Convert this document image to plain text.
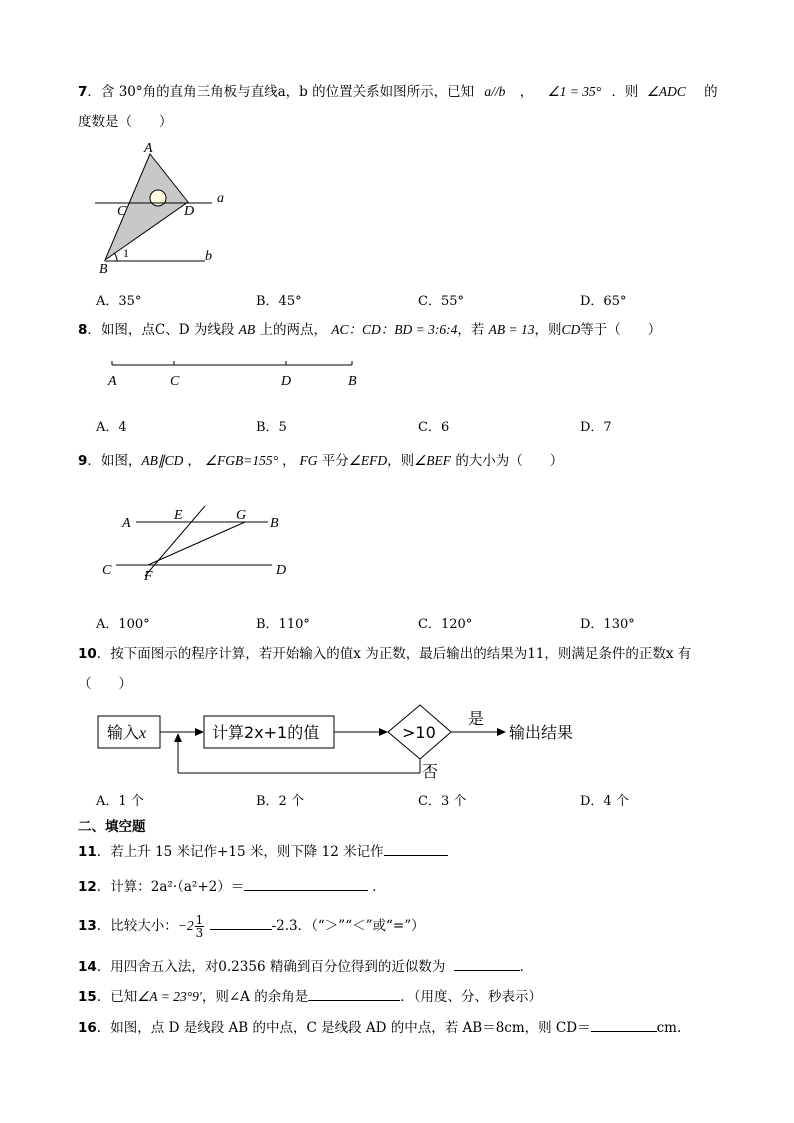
7．含 30°角的直角三角板与直线a，b 的位置关系如图所示，已知 a//b ， ∠1 = 35° ．则 ∠ADC 的
度数是（　　）
A
C	D
a
b
B
1
A．35°	B．45°	C．55°	D．65°
8．如图，点C、D 为线段 AB 上的两点， AC：CD：BD = 3:6:4，若 AB = 13，则CD等于（　　）
A	C	D	B
A．4	B．5	C．6	D．7
9．如图，AB∥CD ， ∠FGB=155° ， FG 平分∠EFD，则∠BEF 的大小为（　　）
A
E	G
B
C F	D
A．100°	B．110°	C．120°	D．130°
10．按下面图示的程序计算，若开始输入的值x 为正数，最后输出的结果为11，则满足条件的正数x 有
（　　）
输入x	计算2x+1的值	>10
是
输出结果
否
A．1 个	B．2 个	C．3 个	D．4 个
二、填空题
11．若上升 15 米记作+15 米，则下降 12 米记作
12．计算：2a²·（a²+2）＝	．
13．比较大小：$-2 \frac{1}{3}$	-2.3．（“＞”“＜”或“=”）
14．用四舍五入法，对0.2356 精确到百分位得到的近似数为	．
15．已知∠A = 23°9′，则∠A 的余角是	．（用度、分、秒表示）
16．如图，点 D 是线段 AB 的中点，C 是线段 AD 的中点，若 AB＝8cm，则 CD＝	cm.
